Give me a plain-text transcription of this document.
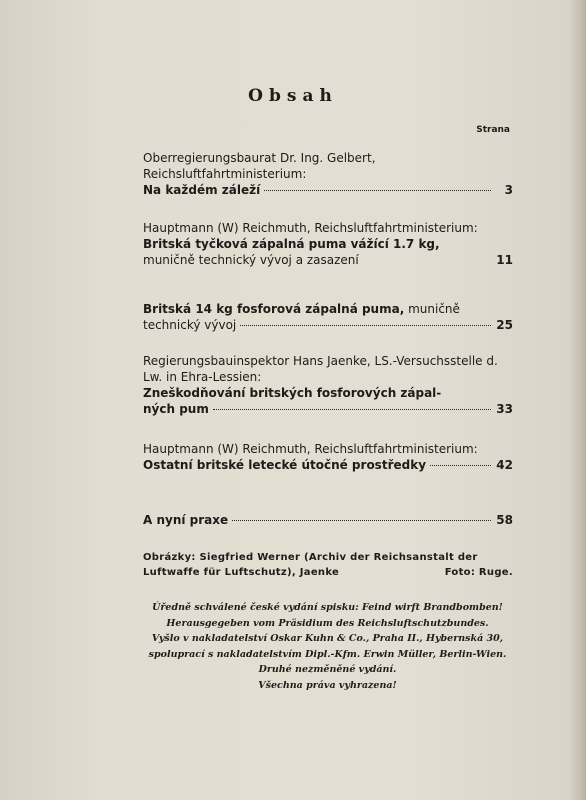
Obsah
Strana
Oberregierungsbaurat Dr. Ing. Gelbert, Reichsluftfahrtministerium:
Na každém záleží	3
Hauptmann (W) Reichmuth, Reichsluftfahrtministerium:
Britská tyčková zápalná puma vážící 1.7 kg,
muničně technický vývoj a zasazení	11
Britská 14 kg fosforová zápalná puma, muničně
technický vývoj	25
Regierungsbauinspektor Hans Jaenke, LS.-Versuchsstelle d. Lw. in Ehra-Lessien:
Zneškodňování britských fosforových zápal-
ných pum	33
Hauptmann (W) Reichmuth, Reichsluftfahrtministerium:
Ostatní britské letecké útočné prostředky	42
A nyní praxe	58
Obrázky: Siegfried Werner (Archiv der Reichsanstalt der
Luftwaffe für Luftschutz), Jaenke	Foto: Ruge.
Úředně schválené české vydání spisku: Feind wirft Brandbomben!
Herausgegeben vom Präsidium des Reichsluftschutzbundes.
Vyšlo v nakladatelství Oskar Kuhn & Co., Praha II., Hybernská 30,
spoluprací s nakladatelstvím Dipl.-Kfm. Erwin Müller, Berlin-Wien.
Druhé nezměněné vydání.
Všechna práva vyhrazena!
